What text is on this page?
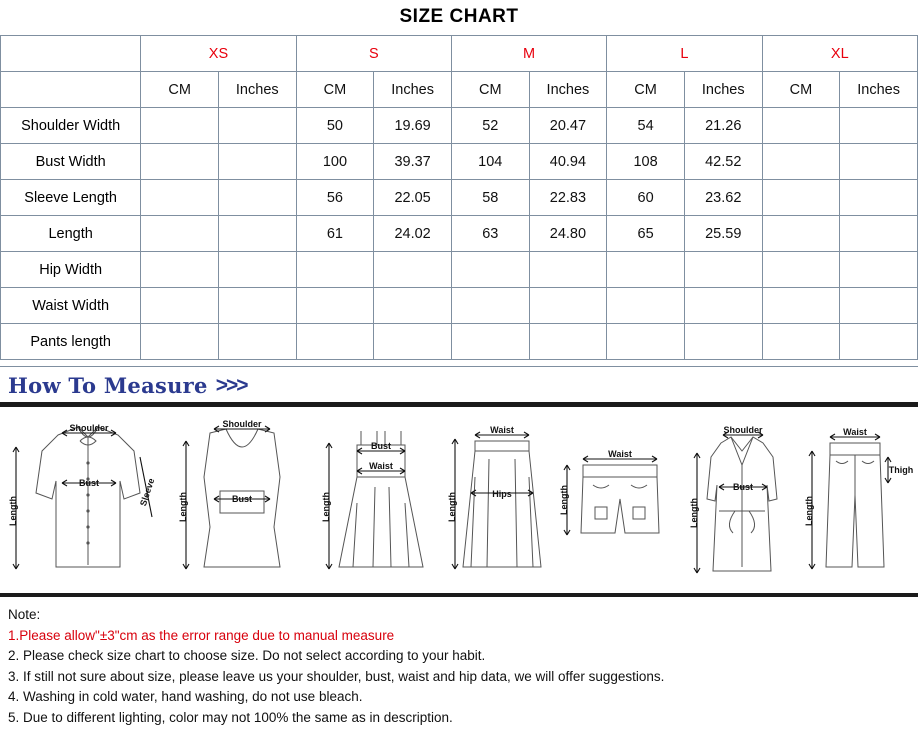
SIZE CHART
	XS		S		M		L		XL	
	CM	Inches	CM	Inches	CM	Inches	CM	Inches	CM	Inches
Shoulder Width			50	19.69	52	20.47	54	21.26		
Bust Width			100	39.37	104	40.94	108	42.52		
Sleeve Length			56	22.05	58	22.83	60	23.62		
Length			61	24.02	63	24.80	65	25.59		
Hip Width										
Waist Width										
Pants length										
How To Measure >>>
Shoulder
Bust
Length
Sleeve
Shoulder
Bust
Length
Bust
Waist
Length
Waist
Hips
Length
Waist
Length
Shoulder
Bust
Length
Waist
Thigh
Length
Note:
1.Please allow"±3"cm as the error range due to manual measure
2. Please check size chart to choose size. Do not select according to your habit.
3. If still not sure about size, please leave us your shoulder, bust, waist and hip data, we will offer suggestions.
4. Washing in cold water, hand washing, do not use bleach.
5. Due to different lighting, color may not 100% the same as in description.
